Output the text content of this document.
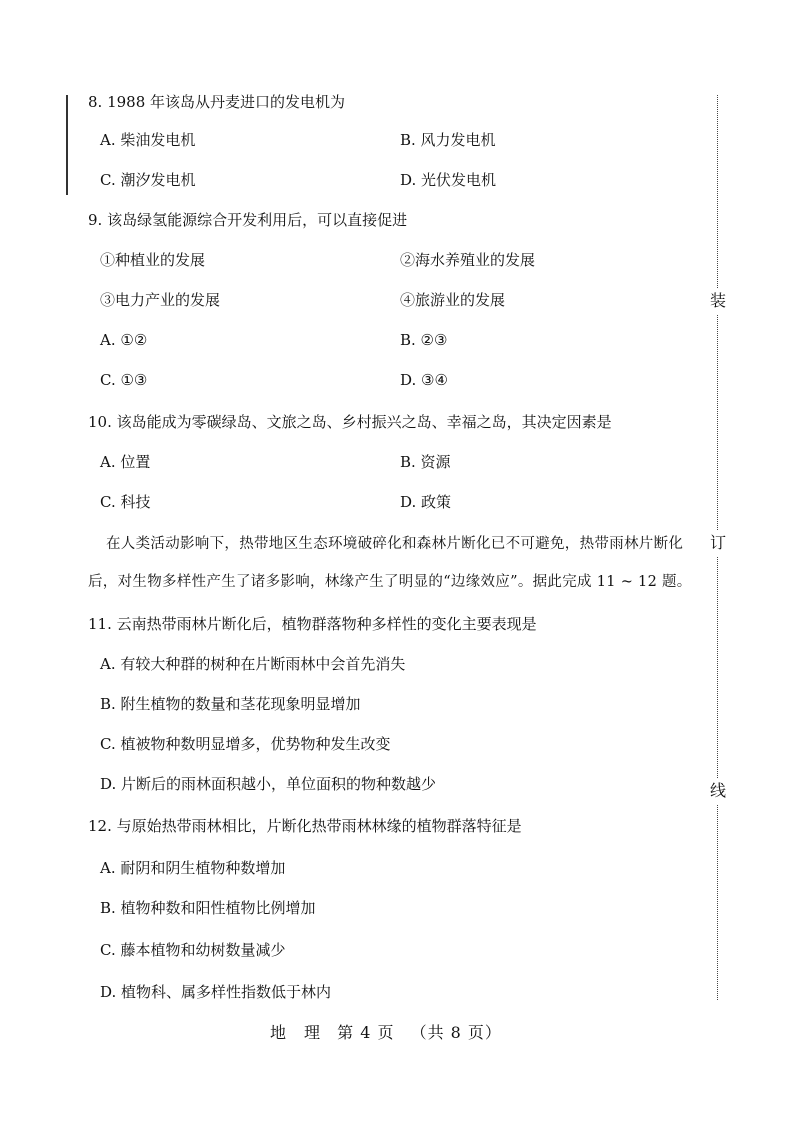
8. 1988 年该岛从丹麦进口的发电机为
A. 柴油发电机	B. 风力发电机
C. 潮汐发电机	D. 光伏发电机
9. 该岛绿氢能源综合开发利用后，可以直接促进
①种植业的发展	②海水养殖业的发展
③电力产业的发展	④旅游业的发展
A. ①②	B. ②③
C. ①③	D. ③④
10. 该岛能成为零碳绿岛、文旅之岛、乡村振兴之岛、幸福之岛，其决定因素是
A. 位置	B. 资源
C. 科技	D. 政策
在人类活动影响下，热带地区生态环境破碎化和森林片断化已不可避免，热带雨林片断化
后，对生物多样性产生了诸多影响，林缘产生了明显的“边缘效应”。据此完成 11 ~ 12 题。
11. 云南热带雨林片断化后，植物群落物种多样性的变化主要表现是
A. 有较大种群的树种在片断雨林中会首先消失
B. 附生植物的数量和茎花现象明显增加
C. 植被物种数明显增多，优势物种发生改变
D. 片断后的雨林面积越小，单位面积的物种数越少
12. 与原始热带雨林相比，片断化热带雨林林缘的植物群落特征是
A. 耐阴和阴生植物种数增加
B. 植物种数和阳性植物比例增加
C. 藤本植物和幼树数量减少
D. 植物科、属多样性指数低于林内
装
订
线
地　理 第 4 页 （共 8 页）
